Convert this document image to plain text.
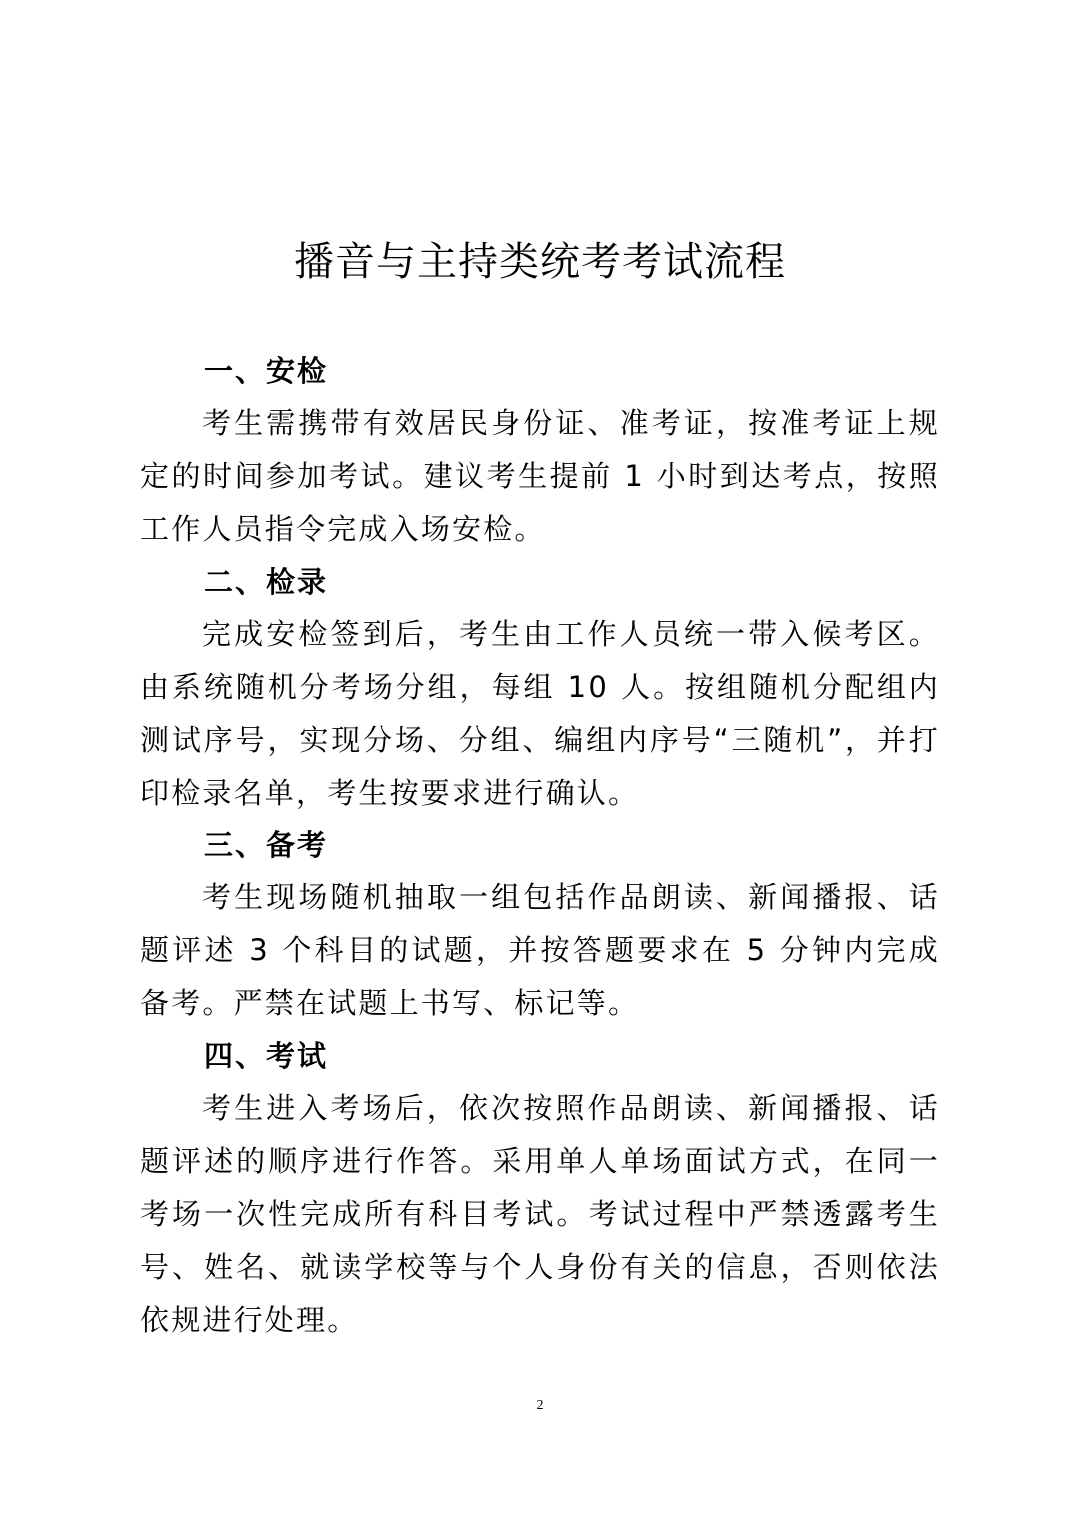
播音与主持类统考考试流程
一、安检
考生需携带有效居民身份证、准考证，按准考证上规定的时间参加考试。建议考生提前 1 小时到达考点，按照工作人员指令完成入场安检。
二、检录
完成安检签到后，考生由工作人员统一带入候考区。由系统随机分考场分组，每组 10 人。按组随机分配组内测试序号，实现分场、分组、编组内序号“三随机”，并打印检录名单，考生按要求进行确认。
三、备考
考生现场随机抽取一组包括作品朗读、新闻播报、话题评述 3 个科目的试题，并按答题要求在 5 分钟内完成备考。严禁在试题上书写、标记等。
四、考试
考生进入考场后，依次按照作品朗读、新闻播报、话题评述的顺序进行作答。采用单人单场面试方式，在同一考场一次性完成所有科目考试。考试过程中严禁透露考生号、姓名、就读学校等与个人身份有关的信息，否则依法依规进行处理。
2
